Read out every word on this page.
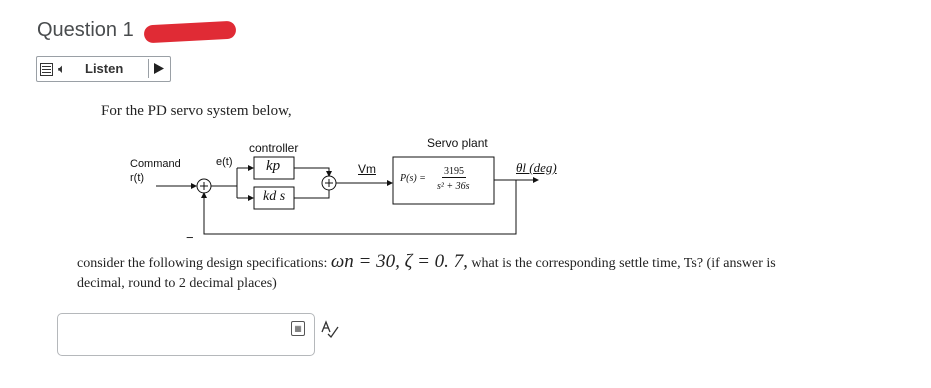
Question 1
🔈︎ Listen
For the PD servo system below,
Command
r(t)
e(t)
controller
kp
kd s
−
Vm
Servo plant
P(s) =
3195
s² + 36s
θl (deg)
consider the following design specifications: ωn = 30, ζ = 0. 7, what is the corresponding settle time, Ts? (if answer is decimal, round to 2 decimal places)
▦
